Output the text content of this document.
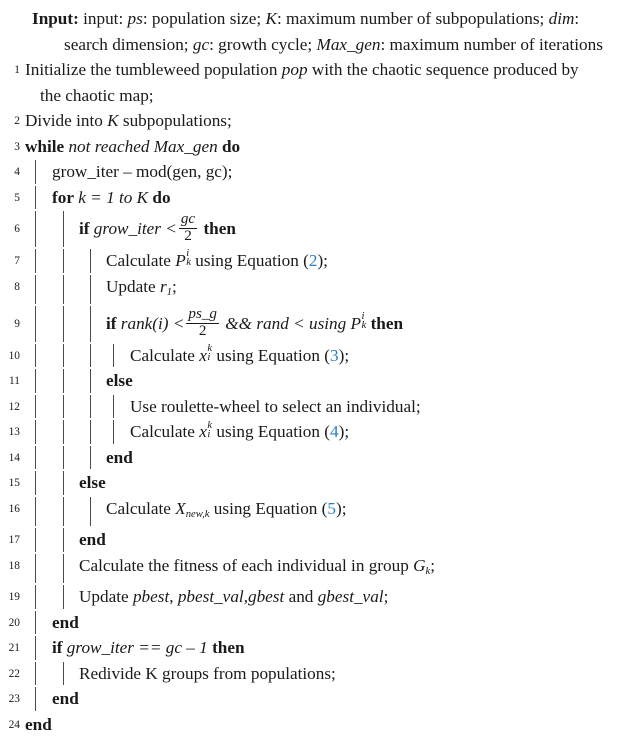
Input: input: ps: population size; K: maximum number of subpopulations; dim: search dimension; gc: growth cycle; Max_gen: maximum number of iterations
1 Initialize the tumbleweed population pop with the chaotic sequence produced by
the chaotic map;
2 Divide into K subpopulations;
3 while not reached Max_gen do
4	grow_iter – mod(gen, gc);
5	for k = 1 to K do
6	if grow_iter < $\frac{gc}{2}$ then
7	Calculate P i
k using Equation (2);
8	Update $r_1$;
9	if rank(i) < $\frac{ps\_g}{2}$ && rand < using P i
k then
10	Calculate x k
i using Equation (3);
11	else
12	Use roulette-wheel to select an individual;
13	Calculate x k
i using Equation (4);
14	end
15	else
16	Calculate $X_{new,k}$ using Equation (5);
17	end
18	Calculate the fitness of each individual in group $G_k$;
19	Update pbest, pbest_val,gbest and gbest_val;
20	end
21	if grow_iter == gc – 1 then
22	Redivide K groups from populations;
23	end
24 end
